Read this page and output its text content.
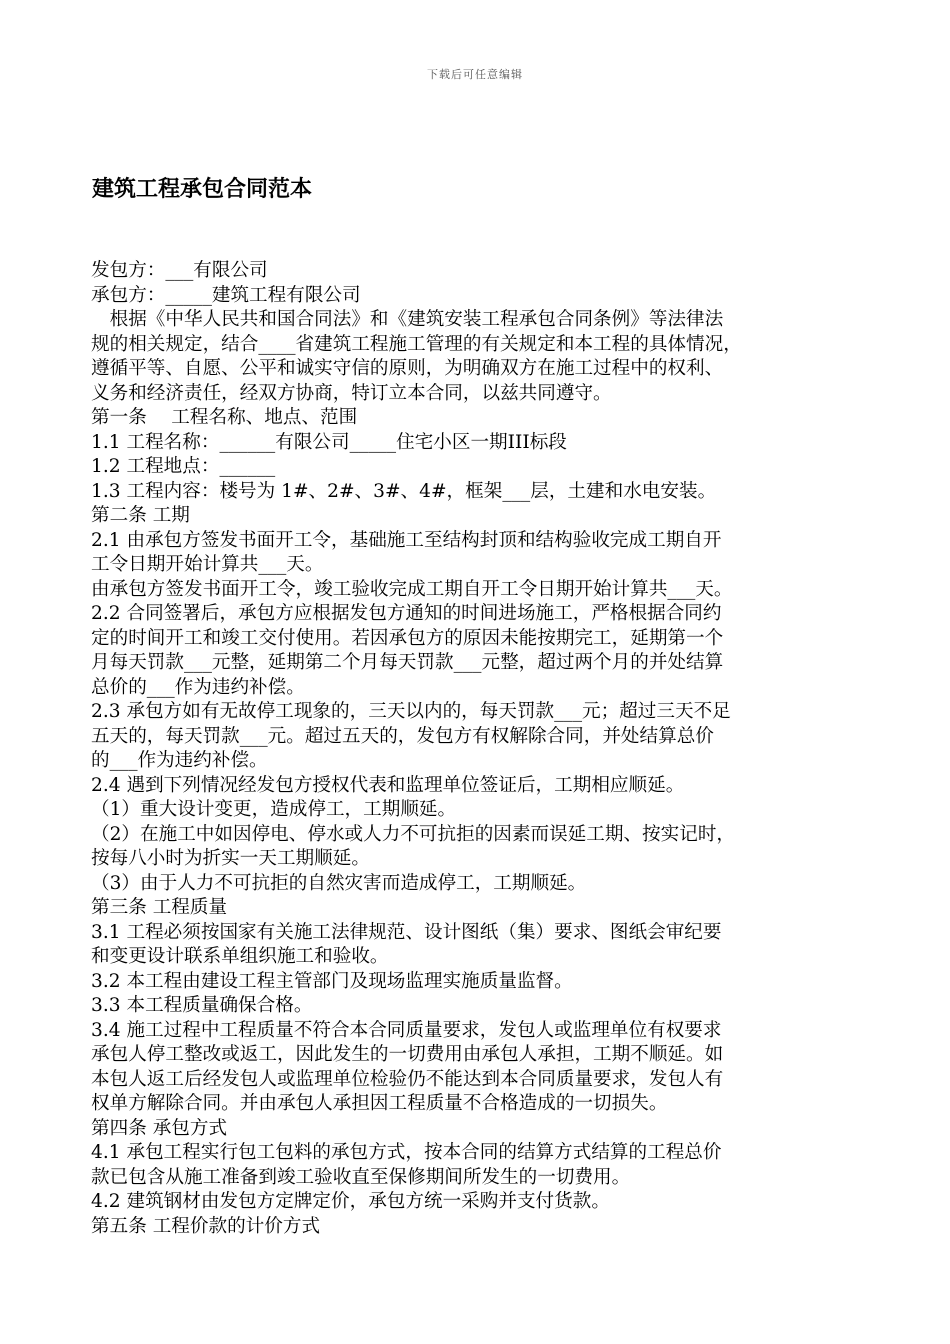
下载后可任意编辑
建筑工程承包合同范本
发包方：___有限公司
承包方：_____建筑工程有限公司
　根据《中华人民共和国合同法》和《建筑安装工程承包合同条例》等法律法
规的相关规定，结合____省建筑工程施工管理的有关规定和本工程的具体情况，
遵循平等、自愿、公平和诚实守信的原则，为明确双方在施工过程中的权利、
义务和经济责任，经双方协商，特订立本合同，以兹共同遵守。
第一条　 工程名称、地点、范围
1.1 工程名称：______有限公司_____住宅小区一期III标段
1.2 工程地点：______
1.3 工程内容：楼号为 1#、2#、3#、4#，框架___层，土建和水电安装。
第二条 工期
2.1 由承包方签发书面开工令，基础施工至结构封顶和结构验收完成工期自开
工令日期开始计算共___天。
由承包方签发书面开工令，竣工验收完成工期自开工令日期开始计算共___天。
2.2 合同签署后，承包方应根据发包方通知的时间进场施工，严格根据合同约
定的时间开工和竣工交付使用。若因承包方的原因未能按期完工，延期第一个
月每天罚款___元整，延期第二个月每天罚款___元整，超过两个月的并处结算
总价的___作为违约补偿。
2.3 承包方如有无故停工现象的，三天以内的，每天罚款___元；超过三天不足
五天的，每天罚款___元。超过五天的，发包方有权解除合同，并处结算总价
的___作为违约补偿。
2.4 遇到下列情况经发包方授权代表和监理单位签证后，工期相应顺延。
（1）重大设计变更，造成停工，工期顺延。
（2）在施工中如因停电、停水或人力不可抗拒的因素而误延工期、按实记时，
按每八小时为折实一天工期顺延。
（3）由于人力不可抗拒的自然灾害而造成停工，工期顺延。
第三条 工程质量
3.1 工程必须按国家有关施工法律规范、设计图纸（集）要求、图纸会审纪要
和变更设计联系单组织施工和验收。
3.2 本工程由建设工程主管部门及现场监理实施质量监督。
3.3 本工程质量确保合格。
3.4 施工过程中工程质量不符合本合同质量要求，发包人或监理单位有权要求
承包人停工整改或返工，因此发生的一切费用由承包人承担，工期不顺延。如
本包人返工后经发包人或监理单位检验仍不能达到本合同质量要求，发包人有
权单方解除合同。并由承包人承担因工程质量不合格造成的一切损失。
第四条 承包方式
4.1 承包工程实行包工包料的承包方式，按本合同的结算方式结算的工程总价
款已包含从施工准备到竣工验收直至保修期间所发生的一切费用。
4.2 建筑钢材由发包方定牌定价，承包方统一采购并支付货款。
第五条 工程价款的计价方式
